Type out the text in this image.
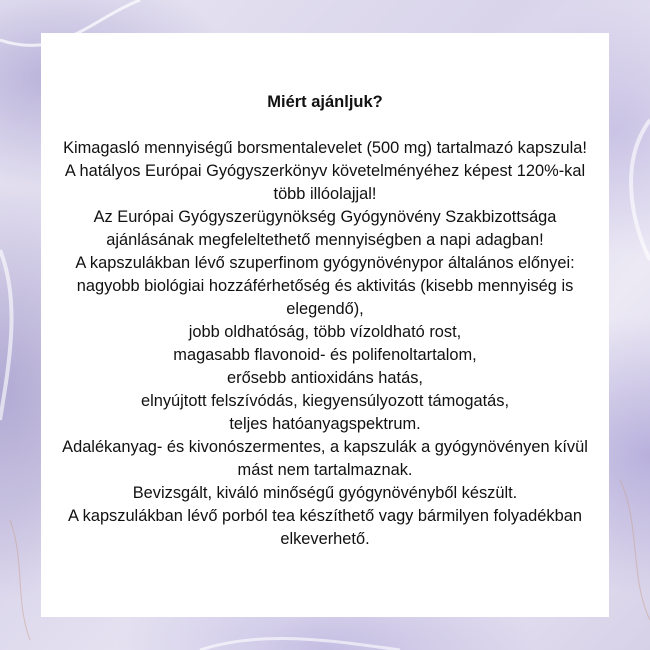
Miért ajánljuk?
Kimagasló mennyiségű borsmentalevelet (500 mg) tartalmazó kapszula!
A hatályos Európai Gyógyszerkönyv követelményéhez képest 120%-kal
több illóolajjal!
Az Európai Gyógyszerügynökség Gyógynövény Szakbizottsága
ajánlásának megfeleltethető mennyiségben a napi adagban!
A kapszulákban lévő szuperfinom gyógynövénypor általános előnyei:
nagyobb biológiai hozzáférhetőség és aktivitás (kisebb mennyiség is
elegendő),
jobb oldhatóság, több vízoldható rost,
magasabb flavonoid- és polifenoltartalom,
erősebb antioxidáns hatás,
elnyújtott felszívódás, kiegyensúlyozott támogatás,
teljes hatóanyagspektrum.
Adalékanyag- és kivonószermentes, a kapszulák a gyógynövényen kívül
mást nem tartalmaznak.
Bevizsgált, kiváló minőségű gyógynövényből készült.
A kapszulákban lévő porból tea készíthető vagy bármilyen folyadékban
elkeverhető.
